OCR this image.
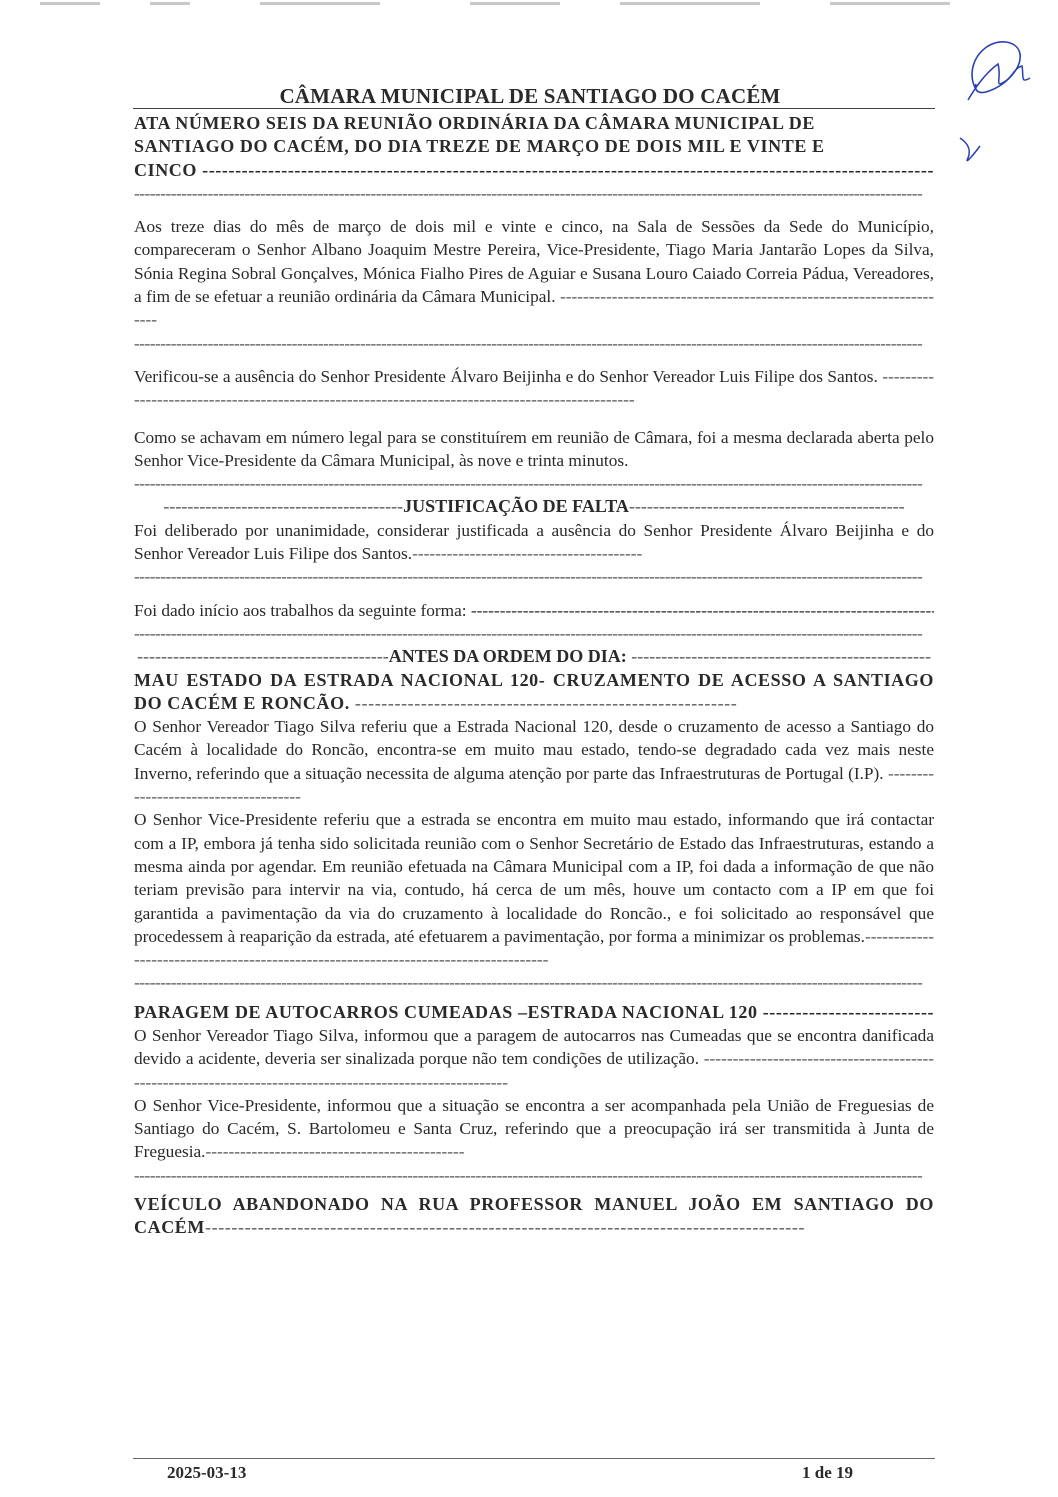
CÂMARA MUNICIPAL DE SANTIAGO DO CACÉM

ATA NÚMERO SEIS DA REUNIÃO ORDINÁRIA DA CÂMARA MUNICIPAL DE
SANTIAGO DO CACÉM, DO DIA TREZE DE MARÇO DE DOIS MIL E VINTE E

CINCO -----
-----

Aos treze dias do mês de março de dois mil e vinte e cinco, na Sala de Sessões da Sede do Município, compareceram o Senhor Albano Joaquim Mestre Pereira, Vice-Presidente, Tiago Maria Jantarão Lopes da Silva, Sónia Regina Sobral Gonçalves, Mónica Fialho Pires de Aguiar e Susana Louro Caiado Correia Pádua, Vereadores, a fim de se efetuar a reunião ordinária da Câmara Municipal. ---------------------------------------------------------------------

-----

Verificou-se a ausência do Senhor Presidente Álvaro Beijinha e do Senhor Vereador Luis Filipe dos Santos. ------------------------------------------------------------------------------------------------

Como se achavam em número legal para se constituírem em reunião de Câmara, foi a mesma declarada aberta pelo Senhor Vice-Presidente da Câmara Municipal, às nove e trinta minutos.

-----
----------------------------------------JUSTIFICAÇÃO DE FALTA----------------------------------------------

Foi deliberado por unanimidade, considerar justificada a ausência do Senhor Presidente Álvaro Beijinha e do Senhor Vereador Luis Filipe dos Santos.----------------------------------------

-----
Foi dado início aos trabalhos da seguinte forma: -----
-----
------------------------------------------ANTES DA ORDEM DO DIA: --------------------------------------------------

MAU ESTADO DA ESTRADA NACIONAL 120- CRUZAMENTO DE ACESSO A SANTIAGO DO CACÉM E RONCÃO. ----------------------------------------------------------

O Senhor Vereador Tiago Silva referiu que a Estrada Nacional 120, desde o cruzamento de acesso a Santiago do Cacém à localidade do Roncão, encontra-se em muito mau estado, tendo-se degradado cada vez mais neste Inverno, referindo que a situação necessita de alguma atenção por parte das Infraestruturas de Portugal (I.P). -------------------------------------

O Senhor Vice-Presidente referiu que a estrada se encontra em muito mau estado, informando que irá contactar com a IP, embora já tenha sido solicitada reunião com o Senhor Secretário de Estado das Infraestruturas, estando a mesma ainda por agendar. Em reunião efetuada na Câmara Municipal com a IP, foi dada a informação de que não teriam previsão para intervir na via, contudo, há cerca de um mês, houve um contacto com a IP em que foi garantida a pavimentação da via do cruzamento à localidade do Roncão., e foi solicitado ao responsável que procedessem à reaparição da estrada, até efetuarem a pavimentação, por forma a minimizar os problemas.------------------------------------------------------------------------------------

-----
PARAGEM DE AUTOCARROS CUMEADAS –ESTRADA NACIONAL 120 -----

O Senhor Vereador Tiago Silva, informou que a paragem de autocarros nas Cumeadas que se encontra danificada devido a acidente, deveria ser sinalizada porque não tem condições de utilização. ---------------------------------------------------------------------------------------------------------

O Senhor Vice-Presidente, informou que a situação se encontra a ser acompanhada pela União de Freguesias de Santiago do Cacém, S. Bartolomeu e Santa Cruz, referindo que a preocupação irá ser transmitida à Junta de Freguesia.---------------------------------------------

-----

VEÍCULO ABANDONADO NA RUA PROFESSOR MANUEL JOÃO EM SANTIAGO DO CACÉM-------------------------------------------------------------------------------------------

2025-03-13	1 de 19
